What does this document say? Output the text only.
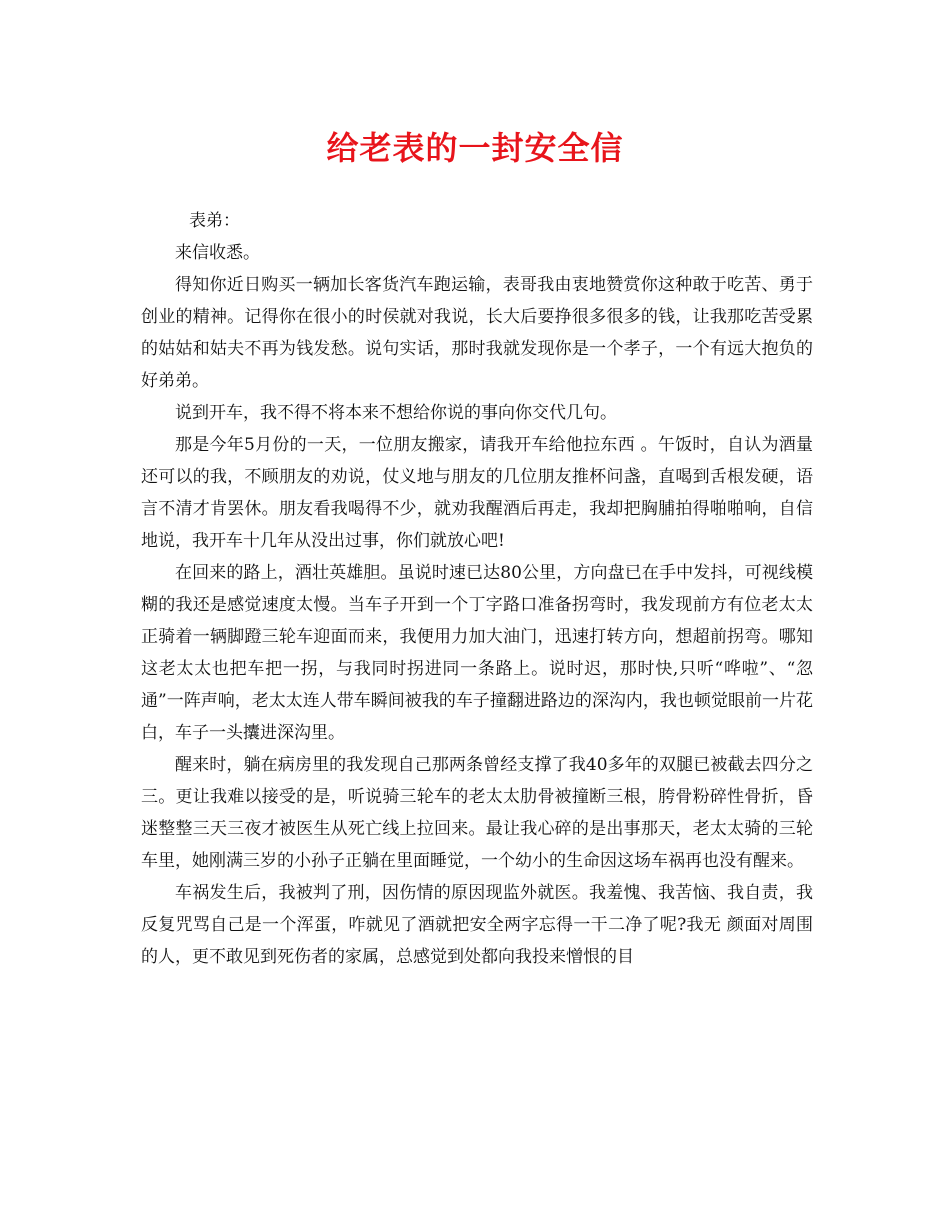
给老表的一封安全信

表弟：

来信收悉。

得知你近日购买一辆加长客货汽车跑运输，表哥我由衷地赞赏你这种敢于吃苦、勇于创业的精神。记得你在很小的时侯就对我说，长大后要挣很多很多的钱，让我那吃苦受累的姑姑和姑夫不再为钱发愁。说句实话，那时我就发现你是一个孝子，一个有远大抱负的好弟弟。

说到开车，我不得不将本来不想给你说的事向你交代几句。

那是今年5月份的一天，一位朋友搬家，请我开车给他拉东西 。午饭时，自认为酒量还可以的我，不顾朋友的劝说，仗义地与朋友的几位朋友推杯问盏，直喝到舌根发硬，语言不清才肯罢休。朋友看我喝得不少，就劝我醒酒后再走，我却把胸脯拍得啪啪响，自信地说，我开车十几年从没出过事，你们就放心吧!

在回来的路上，酒壮英雄胆。虽说时速已达80公里，方向盘已在手中发抖，可视线模糊的我还是感觉速度太慢。当车子开到一个丁字路口准备拐弯时，我发现前方有位老太太正骑着一辆脚蹬三轮车迎面而来，我便用力加大油门，迅速打转方向，想超前拐弯。哪知这老太太也把车把一拐，与我同时拐进同一条路上。说时迟，那时快,只听“哗啦”、“忽通”一阵声响，老太太连人带车瞬间被我的车子撞翻进路边的深沟内，我也顿觉眼前一片花白，车子一头攮进深沟里。

醒来时，躺在病房里的我发现自己那两条曾经支撑了我40多年的双腿已被截去四分之三。更让我难以接受的是，听说骑三轮车的老太太肋骨被撞断三根，胯骨粉碎性骨折，昏迷整整三天三夜才被医生从死亡线上拉回来。最让我心碎的是出事那天，老太太骑的三轮车里，她刚满三岁的小孙子正躺在里面睡觉，一个幼小的生命因这场车祸再也没有醒来。

车祸发生后，我被判了刑，因伤情的原因现监外就医。我羞愧、我苦恼、我自责，我反复咒骂自己是一个浑蛋，咋就见了酒就把安全两字忘得一干二净了呢?我无 颜面对周围的人，更不敢见到死伤者的家属，总感觉到处都向我投来憎恨的目
